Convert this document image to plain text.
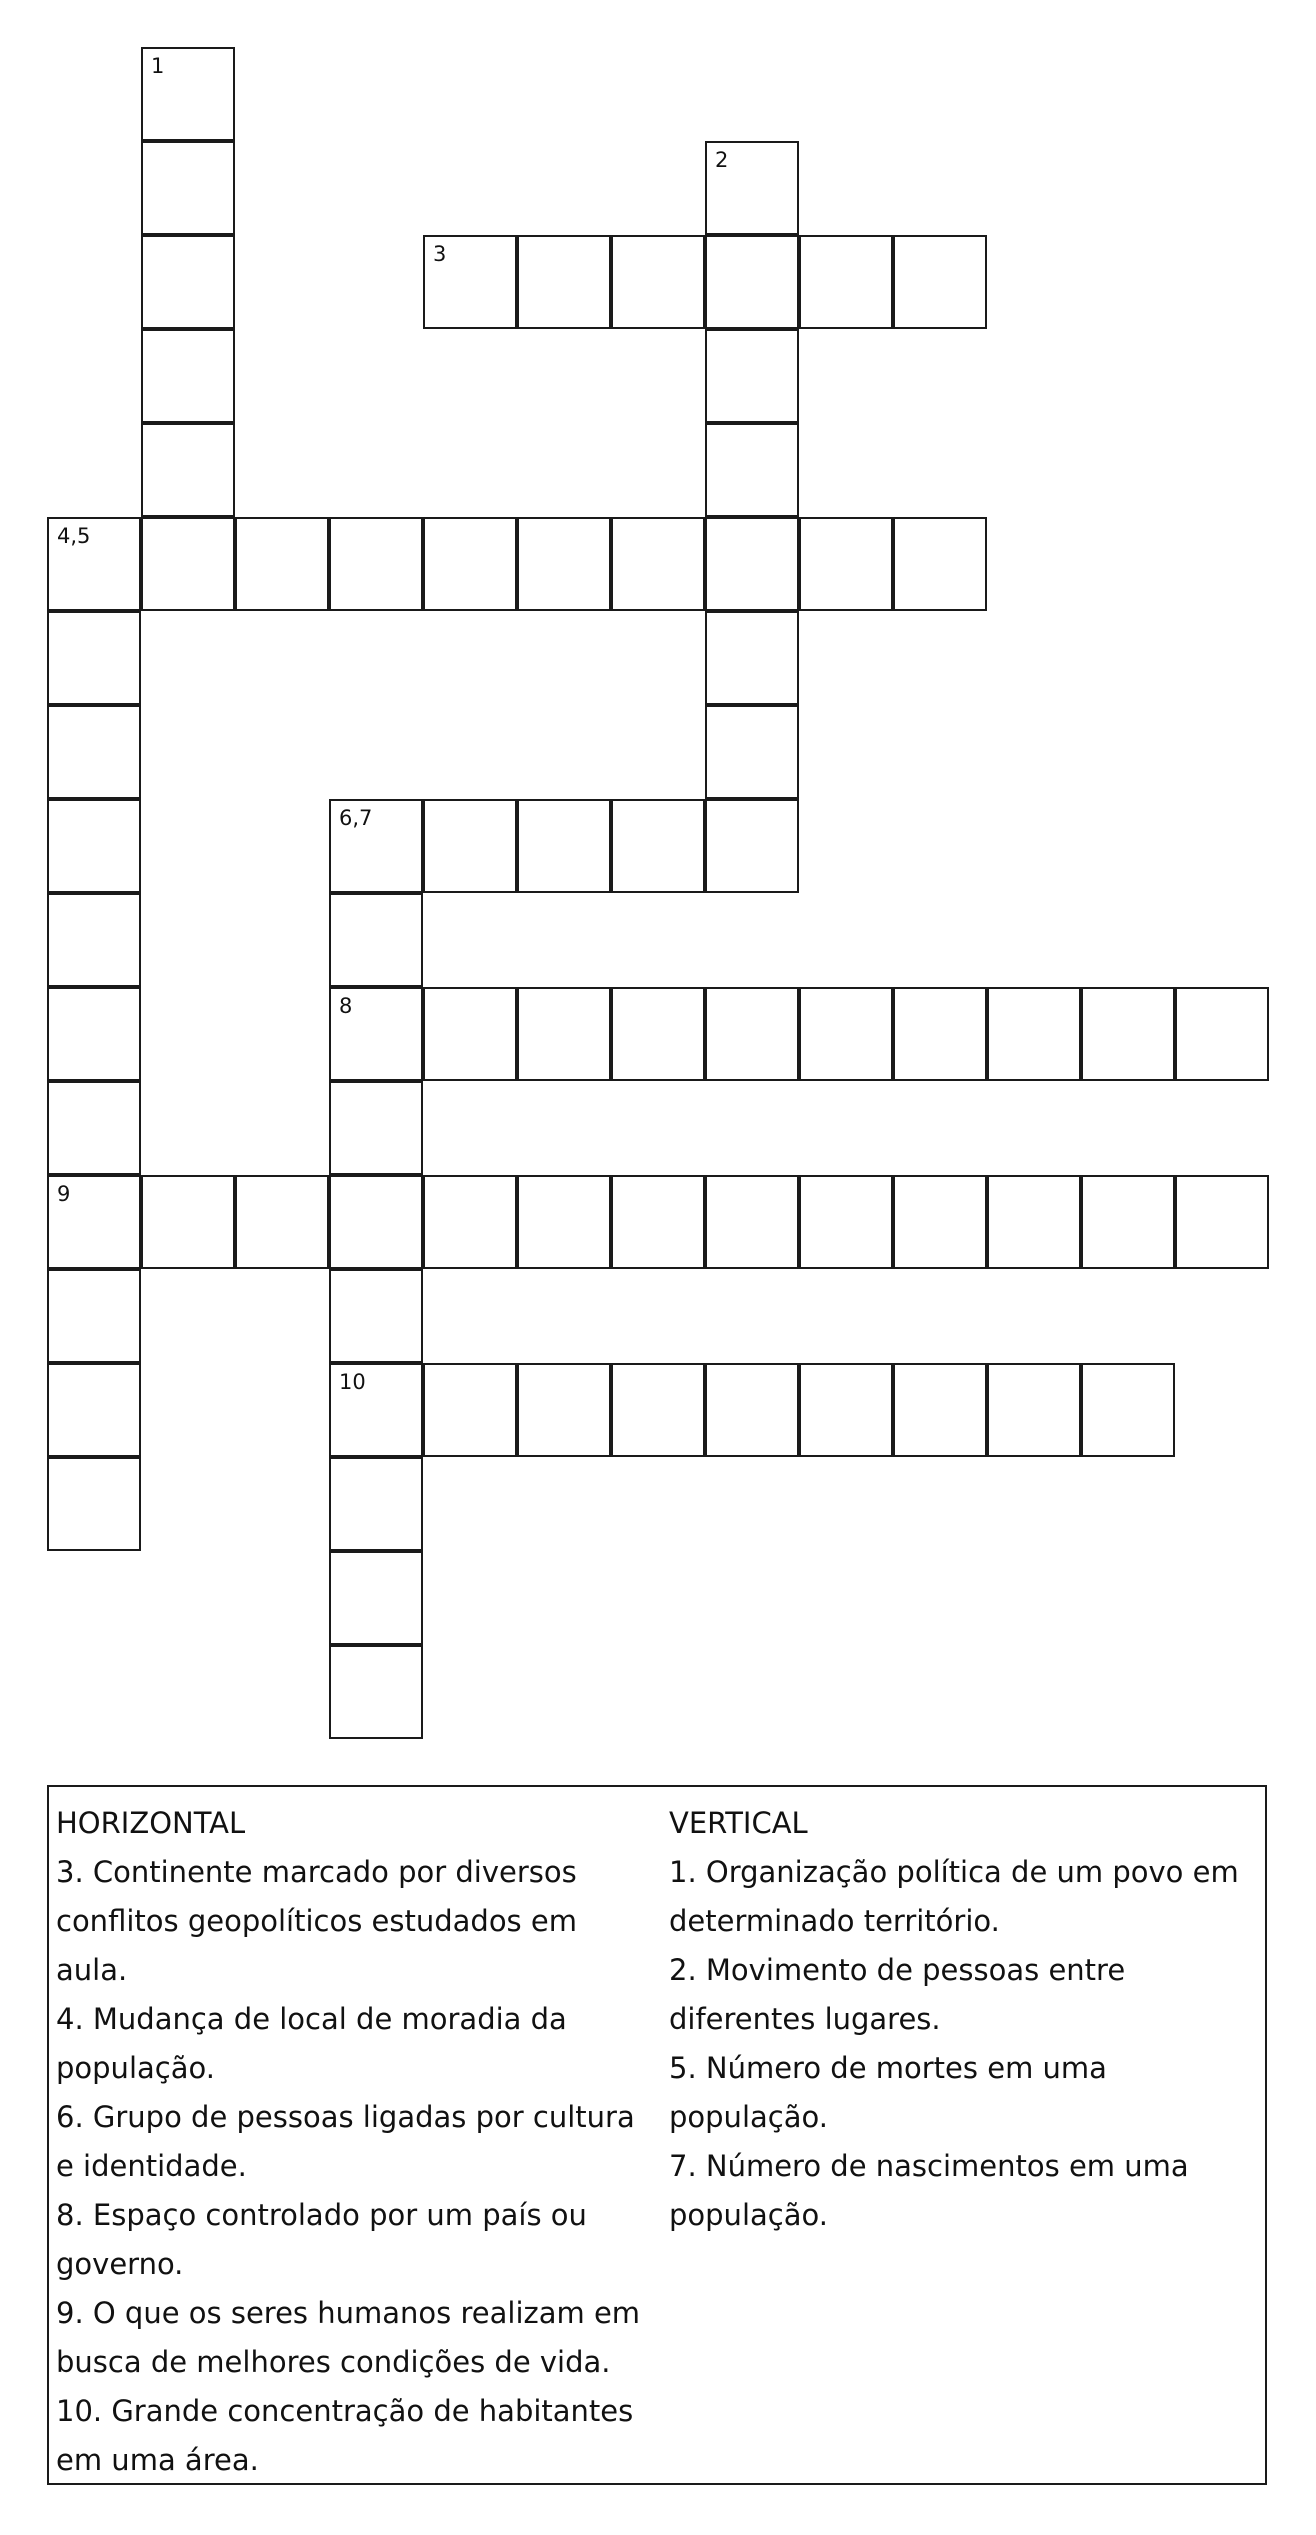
1
2
3
4,5
6,7
8
9
10
HORIZONTAL
3. Continente marcado por diversos conflitos geopolíticos estudados em aula.
4. Mudança de local de moradia da população.
6. Grupo de pessoas ligadas por cultura e identidade.
8. Espaço controlado por um país ou governo.
9. O que os seres humanos realizam em busca de melhores condições de vida.
10. Grande concentração de habitantes em uma área.
VERTICAL
1. Organização política de um povo em determinado território.
2. Movimento de pessoas entre diferentes lugares.
5. Número de mortes em uma população.
7. Número de nascimentos em uma população.
